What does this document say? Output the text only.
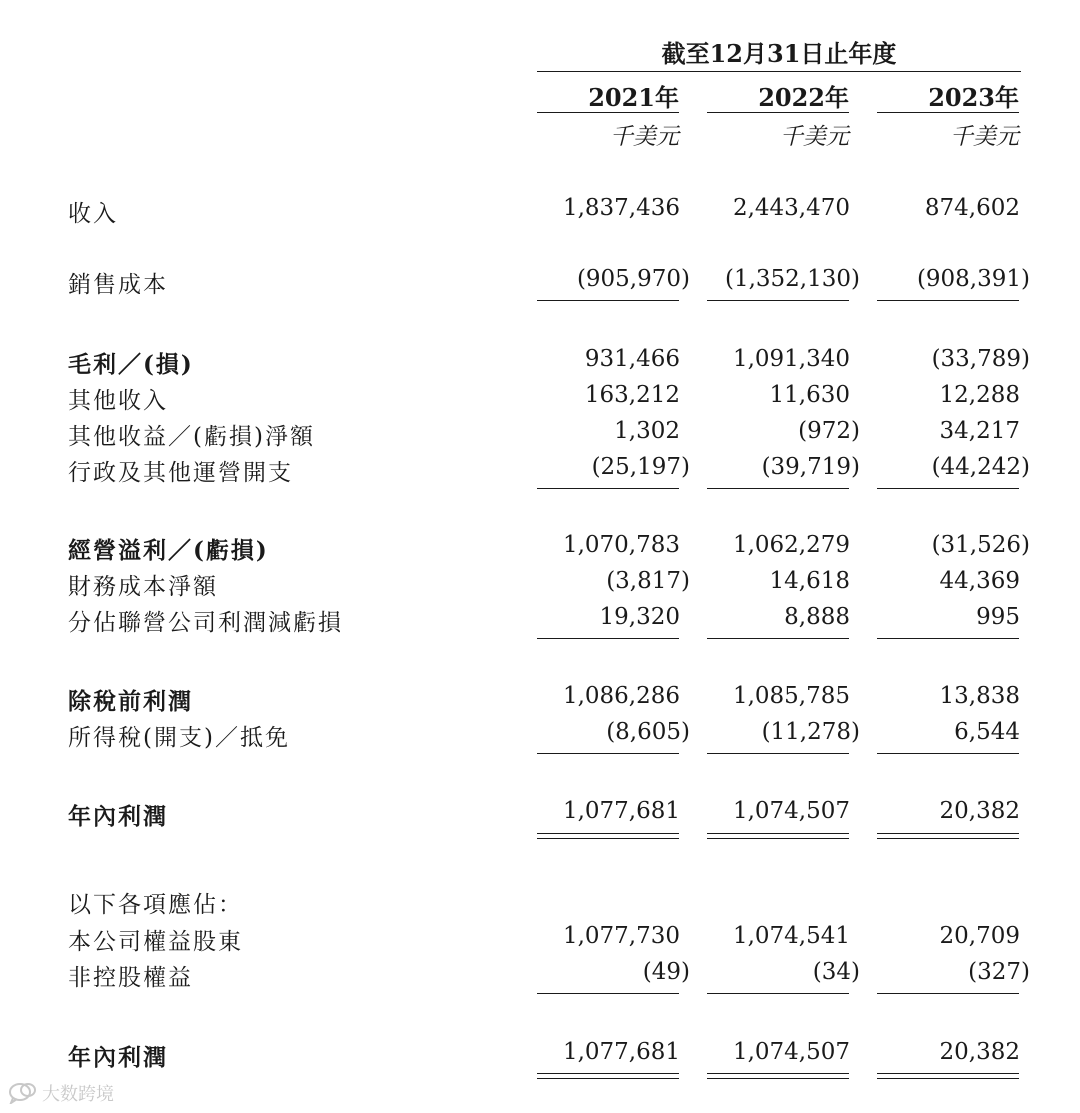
截至12月31日止年度
2021年	2022年	2023年
千美元	千美元	千美元
收入	1,837,436	2,443,470	874,602
銷售成本	(905,970)	(1,352,130)	(908,391)
毛利／(損)	931,466	1,091,340	(33,789)
其他收入	163,212	11,630	12,288
其他收益／(虧損)淨額	1,302	(972)	34,217
行政及其他運營開支	(25,197)	(39,719)	(44,242)
經營溢利／(虧損)	1,070,783	1,062,279	(31,526)
財務成本淨額	(3,817)	14,618	44,369
分佔聯營公司利潤減虧損	19,320	8,888	995
除稅前利潤	1,086,286	1,085,785	13,838
所得稅(開支)／抵免	(8,605)	(11,278)	6,544
年內利潤	1,077,681	1,074,507	20,382
以下各項應佔：
本公司權益股東	1,077,730	1,074,541	20,709
非控股權益	(49)	(34)	(327)
年內利潤	1,077,681	1,074,507	20,382
大数跨境
